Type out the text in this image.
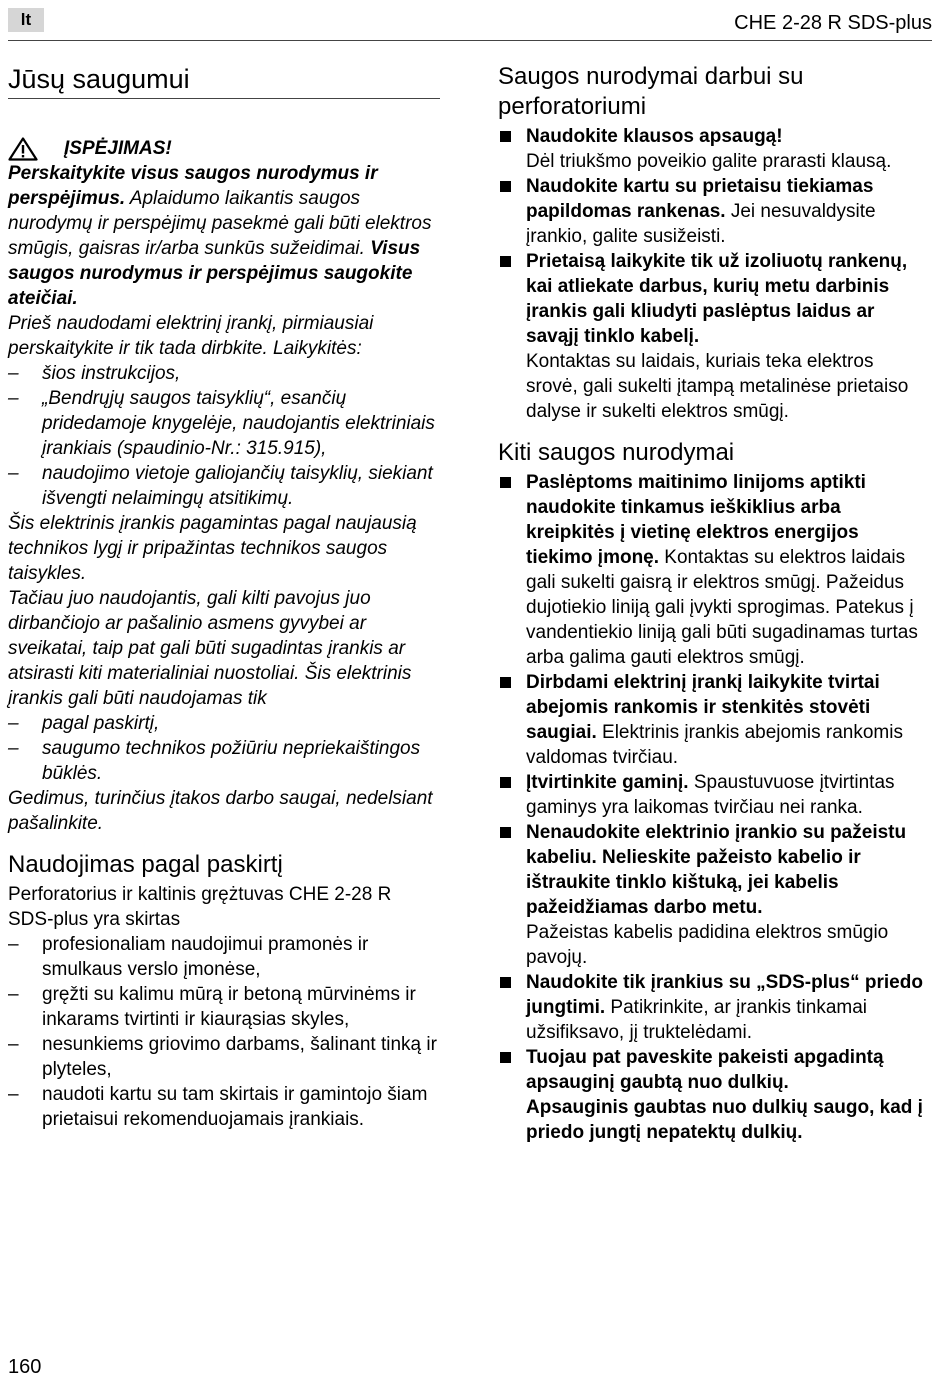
lt	CHE 2-28 R SDS-plus
Jūsų saugumui
ĮSPĖJIMAS!

Perskaitykite visus saugos nurodymus ir perspėjimus. Aplaidumo laikantis saugos nurodymų ir perspėjimų pasekmė gali būti elektros smūgis, gaisras ir/arba sunkūs sužeidimai. Visus saugos nurodymus ir perspėjimus saugokite ateičiai.

Prieš naudodami elektrinį įrankį, pirmiausiai perskaitykite ir tik tada dirbkite. Laikykitės:

– šios instrukcijos,

– „Bendrųjų saugos taisyklių“, esančių pridedamoje knygelėje, naudojantis elektriniais įrankiais (spaudinio-Nr.: 315.915),

– naudojimo vietoje galiojančių taisyklių, siekiant išvengti nelaimingų atsitikimų.

Šis elektrinis įrankis pagamintas pagal naujausią technikos lygį ir pripažintas technikos saugos taisykles.

Tačiau juo naudojantis, gali kilti pavojus juo dirbančiojo ar pašalinio asmens gyvybei ar sveikatai, taip pat gali būti sugadintas įrankis ar atsirasti kiti materialiniai nuostoliai. Šis elektrinis įrankis gali būti naudojamas tik

– pagal paskirtį,

– saugumo technikos požiūriu nepriekaištingos būklės.

Gedimus, turinčius įtakos darbo saugai, nedelsiant pašalinkite.

Naudojimas pagal paskirtį

Perforatorius ir kaltinis grężtuvas CHE 2-28 R SDS-plus yra skirtas

– profesionaliam naudojimui pramonės ir smulkaus verslo įmonėse,

– gręžti su kalimu mūrą ir betoną mūrvinėms ir inkarams tvirtinti ir kiaurąsias skyles,

– nesunkiems griovimo darbams, šalinant tinką ir plyteles,

– naudoti kartu su tam skirtais ir gamintojo šiam prietaisui rekomenduojamais įrankiais.

Saugos nurodymai darbui su perforatoriumi
Naudokite klausos apsaugą!
Dėl triukšmo poveikio galite prarasti klausą.
Naudokite kartu su prietaisu tiekiamas papildomas rankenas. Jei nesuvaldysite įrankio, galite susižeisti.
Prietaisą laikykite tik už izoliuotų rankenų, kai atliekate darbus, kurių metu darbinis įrankis gali kliudyti paslėptus laidus ar savąjį tinklo kabelį.
Kontaktas su laidais, kuriais teka elektros srovė, gali sukelti įtampą metalinėse prietaiso dalyse ir sukelti elektros smūgį.
Kiti saugos nurodymai
Paslėptoms maitinimo linijoms aptikti naudokite tinkamus ieškiklius arba kreipkitės į vietinę elektros energijos tiekimo įmonę. Kontaktas su elektros laidais gali sukelti gaisrą ir elektros smūgį. Pažeidus dujotiekio liniją gali įvykti sprogimas. Patekus į vandentiekio liniją gali būti sugadinamas turtas arba galima gauti elektros smūgį.
Dirbdami elektrinį įrankį laikykite tvirtai abejomis rankomis ir stenkitės stovėti saugiai. Elektrinis įrankis abejomis rankomis valdomas tvirčiau.
Įtvirtinkite gaminį. Spaustuvuose įtvirtintas gaminys yra laikomas tvirčiau nei ranka.
Nenaudokite elektrinio įrankio su pažeistu kabeliu. Nelieskite pažeisto kabelio ir ištraukite tinklo kištuką, jei kabelis pažeidžiamas darbo metu.
Pažeistas kabelis padidina elektros smūgio pavojų.
Naudokite tik įrankius su „SDS-plus“ priedo jungtimi. Patikrinkite, ar įrankis tinkamai užsifiksavo, jį truktelėdami.
Tuojau pat paveskite pakeisti apgadintą apsauginį gaubtą nuo dulkių.
Apsauginis gaubtas nuo dulkių saugo, kad į priedo jungtį nepatektų dulkių.
160
